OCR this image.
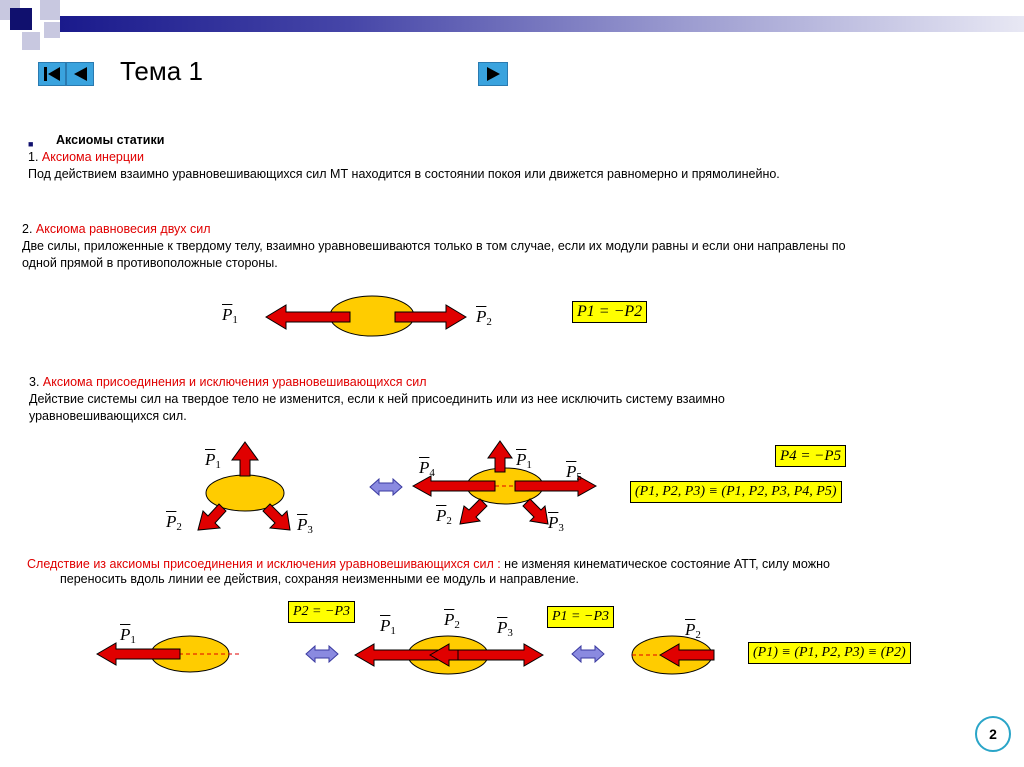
Тема 1
■ Аксиомы статики
1. Аксиома инерции
Под действием взаимно уравновешивающихся сил МТ находится в состоянии покоя или движется равномерно и прямолинейно.
2. Аксиома равновесия двух сил
Две силы, приложенные к твердому телу, взаимно уравновешиваются только в том случае, если их модули равны и если они направлены по
одной прямой в противоположные стороны.
3. Аксиома присоединения и исключения уравновешивающихся сил
Действие системы сил на твердое тело не изменится, если к ней присоединить или из нее исключить систему взаимно
уравновешивающихся сил.
Следствие из аксиомы присоединения и исключения уравновешивающихся сил : не изменяя кинематическое состояние АТТ, силу можно
переносить вдоль линии ее действия, сохраняя неизменными ее модуль и направление.
$\overline{P}_1$	$\overline{P}_2$
$\overline{P}_1$
$\overline{P}_2$	$\overline{P}_3$
$\overline{P}_4$
$\overline{P}_1$ $\overline{P}_5$
$\overline{P}_2$	$\overline{P}_3$
$\overline{P}_1$
$\overline{P}_1$
$\overline{P}_2$ $\overline{P}_3$	$\overline{P}_2$
P1 = −P2
P4 = −P5
(P1, P2, P3) ≡ (P1, P2, P3, P4, P5)
P2 = −P3	P1 = −P3
(P1) ≡ (P1, P2, P3) ≡ (P2)
2
